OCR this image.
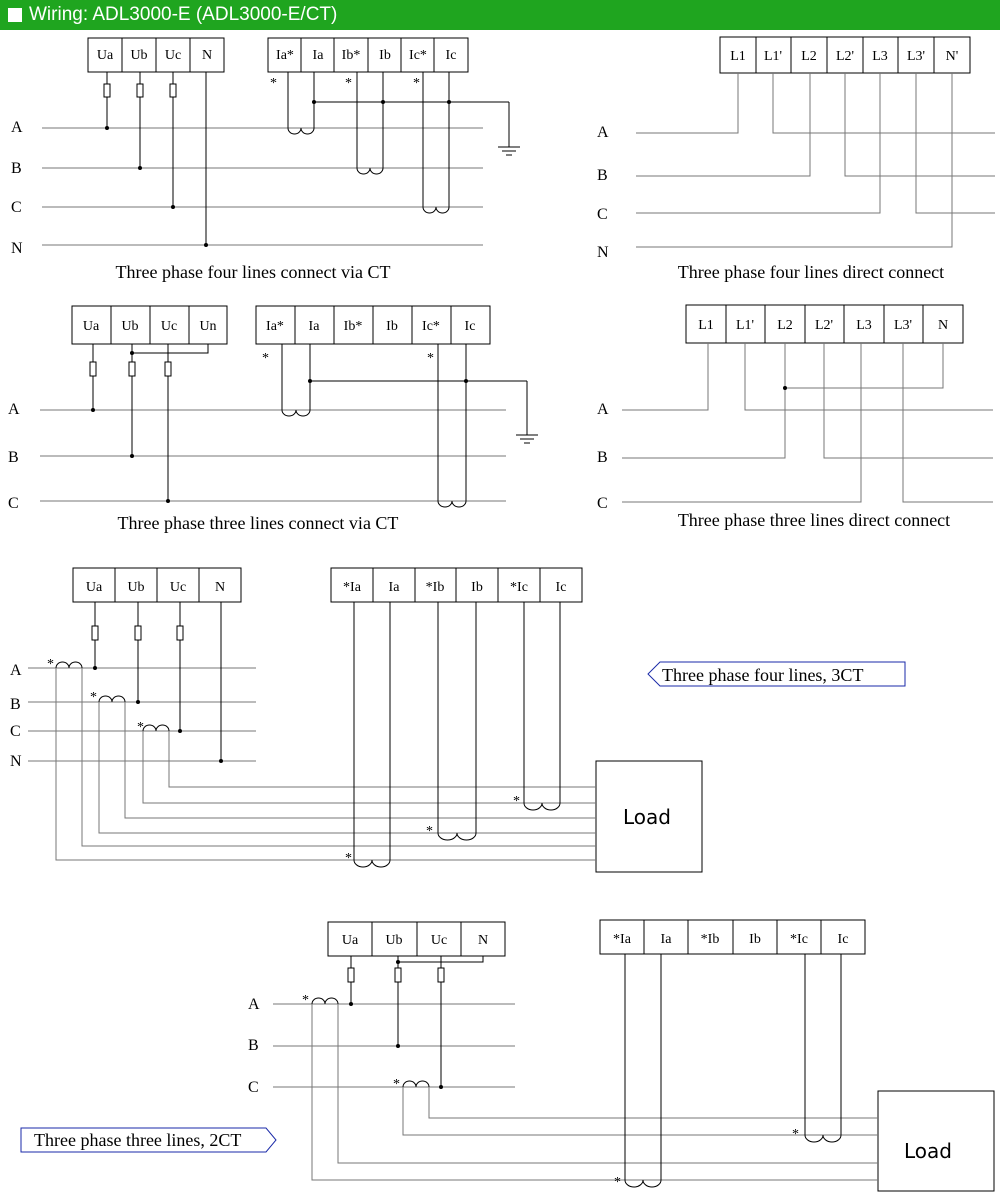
Wiring: ADL3000-E (ADL3000-E/CT)
Ua Ub Uc N	Ia* Ia Ib* Ib Ic* Ic
A
B
C
N
*	*	*
Three phase four lines connect via CT
L1 L1' L2 L2' L3 L3' N'
A
B
C
N
Three phase four lines direct connect
Ua Ub Uc Un	Ia* Ia Ib* Ib Ic* Ic
A
B
C
*	*
Three phase three lines connect via CT
L1 L1' L2 L2' L3 L3' N
A
B
C
Three phase three lines direct connect
Ua Ub Uc N	*Ia Ia *Ib Ib *Ic Ic
A
B
C
N
*
*
*
Load
*
*
*
Three phase four lines, 3CT
Ua Ub Uc N	*Ia Ia *Ib Ib *Ic Ic
A
B
C
*
*
Load
*
*
Three phase three lines, 2CT
